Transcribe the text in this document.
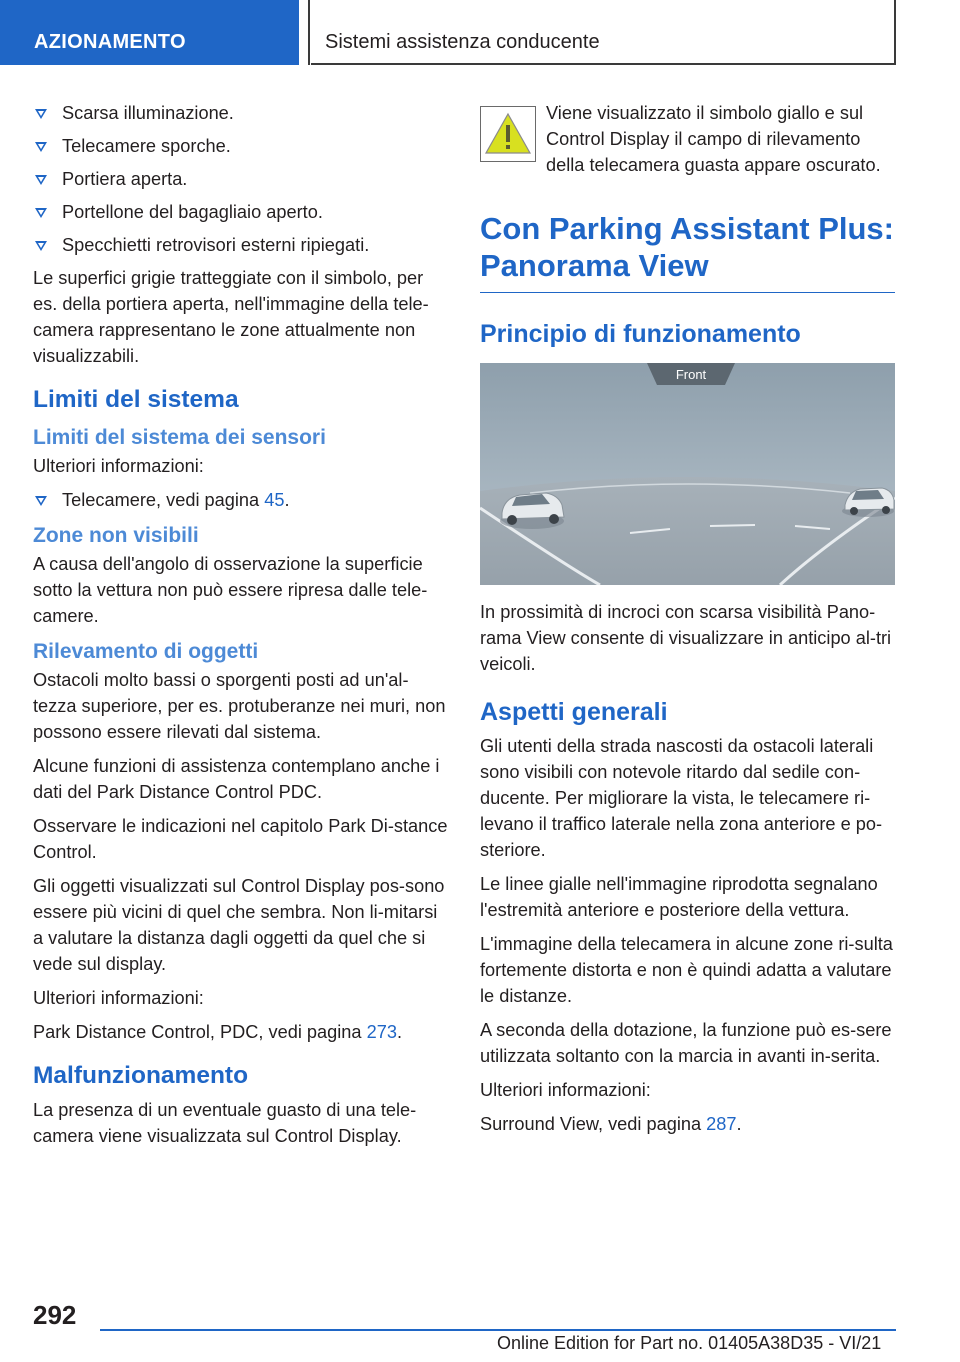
AZIONAMENTO	Sistemi assistenza conducente
Scarsa illuminazione.
Telecamere sporche.
Portiera aperta.
Portellone del bagagliaio aperto.
Specchietti retrovisori esterni ripiegati.

Le superfici grigie tratteggiate con il simbolo, per es. della portiera aperta, nell'immagine della tele-camera rappresentano le zone attualmente non visualizzabili.

Limiti del sistema
Limiti del sistema dei sensori

Ulteriori informazioni:

Telecamere, vedi pagina 45.
Zone non visibili

A causa dell'angolo di osservazione la superficie sotto la vettura non può essere ripresa dalle tele-camere.

Rilevamento di oggetti

Ostacoli molto bassi o sporgenti posti ad un'al-tezza superiore, per es. protuberanze nei muri, non possono essere rilevati dal sistema.

Alcune funzioni di assistenza contemplano anche i dati del Park Distance Control PDC.

Osservare le indicazioni nel capitolo Park Di-stance Control.

Gli oggetti visualizzati sul Control Display pos-sono essere più vicini di quel che sembra. Non li-mitarsi a valutare la distanza dagli oggetti da quel che si vede sul display.

Ulteriori informazioni:

Park Distance Control, PDC, vedi pagina 273.

Malfunzionamento

La presenza di un eventuale guasto di una tele-camera viene visualizzata sul Control Display.

Viene visualizzato il simbolo giallo e sul Control Display il campo di rilevamento della telecamera guasta appare oscurato.
Con Parking Assistant Plus: Panorama View
Principio di funzionamento
Front

In prossimità di incroci con scarsa visibilità Pano-rama View consente di visualizzare in anticipo al-tri veicoli.

Aspetti generali

Gli utenti della strada nascosti da ostacoli laterali sono visibili con notevole ritardo dal sedile con-ducente. Per migliorare la vista, le telecamere ri-levano il traffico laterale nella zona anteriore e po-steriore.

Le linee gialle nell'immagine riprodotta segnalano l'estremità anteriore e posteriore della vettura.

L'immagine della telecamera in alcune zone ri-sulta fortemente distorta e non è quindi adatta a valutare le distanze.

A seconda della dotazione, la funzione può es-sere utilizzata soltanto con la marcia in avanti in-serita.

Ulteriori informazioni:

Surround View, vedi pagina 287.

292
Online Edition for Part no. 01405A38D35 - VI/21
